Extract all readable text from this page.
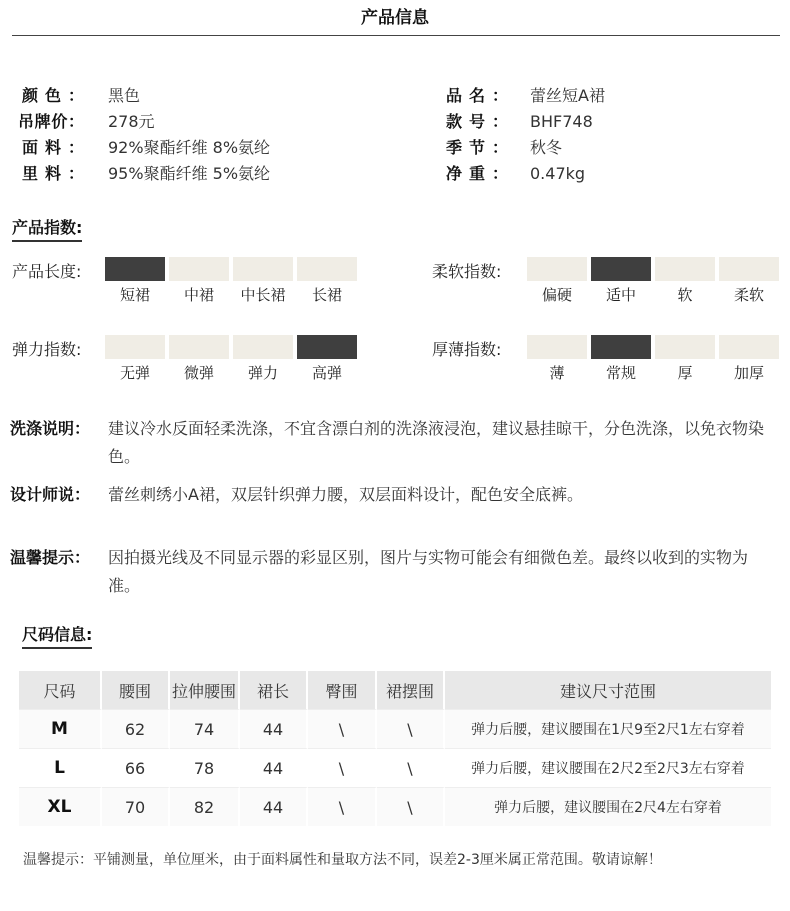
产品信息
颜色： 黑色	品名： 蕾丝短A裙
吊牌价： 278元	款号： BHF748
面料： 92%聚酯纤维 8%氨纶	季节： 秋冬
里料： 95%聚酯纤维 5%氨纶	净重： 0.47kg
产品指数:
产品长度:
短裙	中裙	中长裙	长裙
柔软指数:
偏硬	适中	软	柔软
弹力指数:
无弹	微弹	弹力	高弹
厚薄指数:
薄	常规	厚	加厚
洗涤说明： 建议冷水反面轻柔洗涤，不宜含漂白剂的洗涤液浸泡，建议悬挂晾干，分色洗涤，以免衣物染色。
设计师说： 蕾丝刺绣小A裙，双层针织弹力腰，双层面料设计，配色安全底裤。
温馨提示： 因拍摄光线及不同显示器的彩显区别，图片与实物可能会有细微色差。最终以收到的实物为准。
尺码信息:
尺码	腰围	拉伸腰围	裙长	臀围	裙摆围	建议尺寸范围
M	62	74	44	\	\	弹力后腰，建议腰围在1尺9至2尺1左右穿着
L	66	78	44	\	\	弹力后腰，建议腰围在2尺2至2尺3左右穿着
XL	70	82	44	\	\	弹力后腰，建议腰围在2尺4左右穿着
温馨提示：平铺测量，单位厘米，由于面料属性和量取方法不同，误差2-3厘米属正常范围。敬请谅解！
